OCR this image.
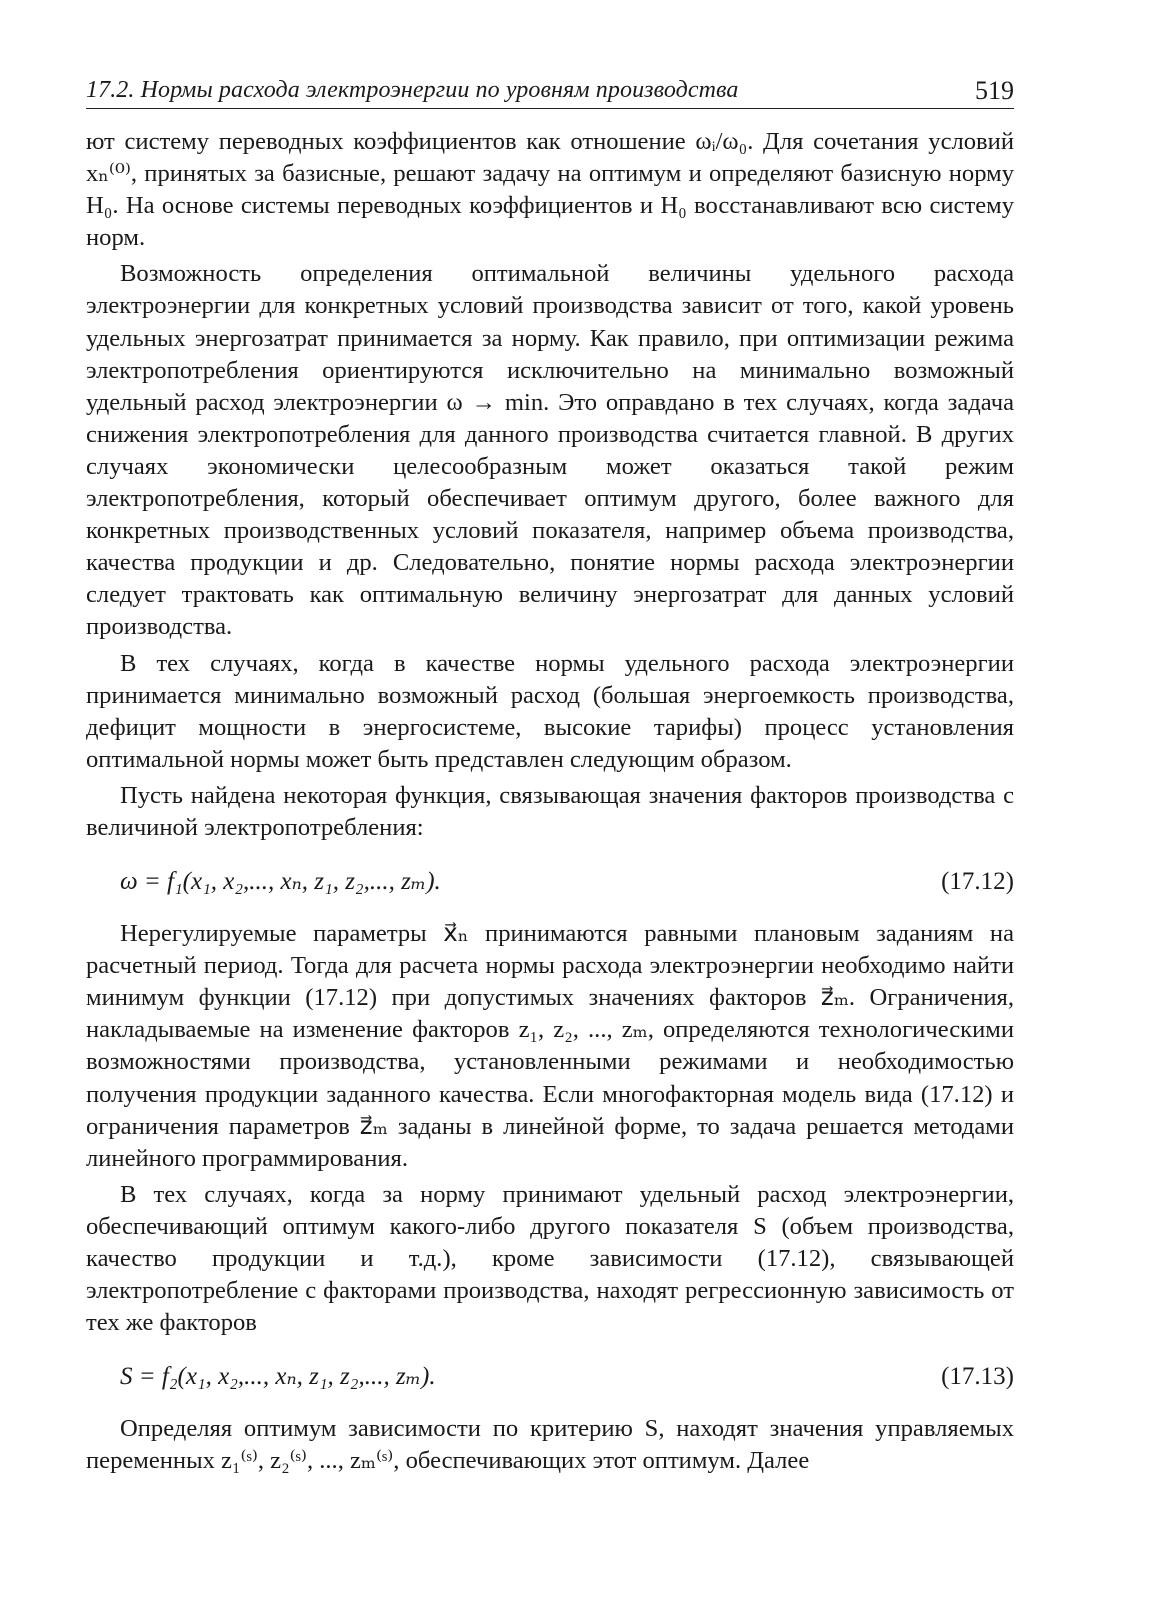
17.2. Нормы расхода электроэнергии по уровням производства	519

ют систему переводных коэффициентов как отношение ωᵢ/ω₀. Для сочетания условий xₙ⁽⁰⁾, принятых за базисные, решают задачу на оптимум и определяют базисную норму H₀. На основе системы переводных коэффициентов и H₀ восстанавливают всю систему норм.

Возможность определения оптимальной величины удельного расхода электроэнергии для конкретных условий производства зависит от того, какой уровень удельных энергозатрат принимается за норму. Как правило, при оптимизации режима электропотребления ориентируются исключительно на минимально возможный удельный расход электроэнергии ω → min. Это оправдано в тех случаях, когда задача снижения электропотребления для данного производства считается главной. В других случаях экономически целесообразным может оказаться такой режим электропотребления, который обеспечивает оптимум другого, более важного для конкретных производственных условий показателя, например объема производства, качества продукции и др. Следовательно, понятие нормы расхода электроэнергии следует трактовать как оптимальную величину энергозатрат для данных условий производства.

В тех случаях, когда в качестве нормы удельного расхода электроэнергии принимается минимально возможный расход (большая энергоемкость производства, дефицит мощности в энергосистеме, высокие тарифы) процесс установления оптимальной нормы может быть представлен следующим образом.

Пусть найдена некоторая функция, связывающая значения факторов производства с величиной электропотребления:

ω = f₁(x₁, x₂,..., xₙ, z₁, z₂,..., zₘ).	(17.12)

Нерегулируемые параметры x⃗ₙ принимаются равными плановым заданиям на расчетный период. Тогда для расчета нормы расхода электроэнергии необходимо найти минимум функции (17.12) при допустимых значениях факторов z⃗ₘ. Ограничения, накладываемые на изменение факторов z₁, z₂, ..., zₘ, определяются технологическими возможностями производства, установленными режимами и необходимостью получения продукции заданного качества. Если многофакторная модель вида (17.12) и ограничения параметров z⃗ₘ заданы в линейной форме, то задача решается методами линейного программирования.

В тех случаях, когда за норму принимают удельный расход электроэнергии, обеспечивающий оптимум какого-либо другого показателя S (объем производства, качество продукции и т.д.), кроме зависимости (17.12), связывающей электропотребление с факторами производства, находят регрессионную зависимость от тех же факторов

S = f₂(x₁, x₂,..., xₙ, z₁, z₂,..., zₘ).	(17.13)

Определяя оптимум зависимости по критерию S, находят значения управляемых переменных z₁⁽ˢ⁾, z₂⁽ˢ⁾, ..., zₘ⁽ˢ⁾, обеспечивающих этот оптимум. Далее
